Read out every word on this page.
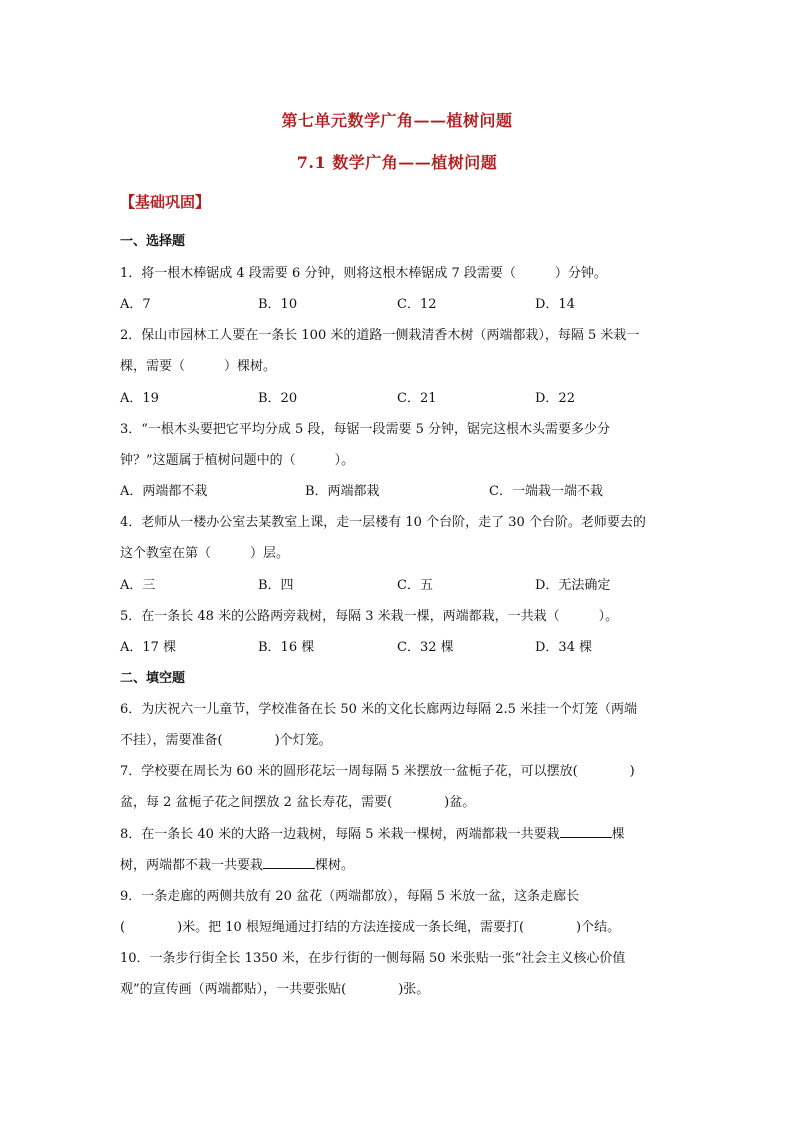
第七单元数学广角——植树问题
7.1 数学广角——植树问题
【基础巩固】
一、选择题
1．将一根木棒锯成 4 段需要 6 分钟，则将这根木棒锯成 7 段需要（　　　）分钟。
A．7	B．10	C．12	D．14
2．保山市园林工人要在一条长 100 米的道路一侧栽清香木树（两端都栽），每隔 5 米栽一
棵，需要（　　　）棵树。
A．19	B．20	C．21	D．22
3．“一根木头要把它平均分成 5 段，每锯一段需要 5 分钟，锯完这根木头需要多少分
钟？”这题属于植树问题中的（　　　）。
A．两端都不栽	B．两端都栽	C．一端栽一端不栽
4．老师从一楼办公室去某教室上课，走一层楼有 10 个台阶，走了 30 个台阶。老师要去的
这个教室在第（　　　）层。
A．三	B．四	C．五	D．无法确定
5．在一条长 48 米的公路两旁栽树，每隔 3 米栽一棵，两端都栽，一共栽（　　　）。
A．17 棵	B．16 棵	C．32 棵	D．34 棵
二、填空题
6．为庆祝六一儿童节，学校准备在长 50 米的文化长廊两边每隔 2.5 米挂一个灯笼（两端
不挂），需要准备(　　　　)个灯笼。
7．学校要在周长为 60 米的圆形花坛一周每隔 5 米摆放一盆栀子花，可以摆放(　　　　)
盆，每 2 盆栀子花之间摆放 2 盆长寿花，需要(　　　　)盆。
8．在一条长 40 米的大路一边栽树，每隔 5 米栽一棵树，两端都栽一共要栽	棵
树，两端都不栽一共要栽	棵树。
9．一条走廊的两侧共放有 20 盆花（两端都放），每隔 5 米放一盆，这条走廊长
(　　　　)米。把 10 根短绳通过打结的方法连接成一条长绳，需要打(　　　　)个结。
10．一条步行街全长 1350 米，在步行街的一侧每隔 50 米张贴一张“社会主义核心价值
观”的宣传画（两端都贴），一共要张贴(　　　　)张。
